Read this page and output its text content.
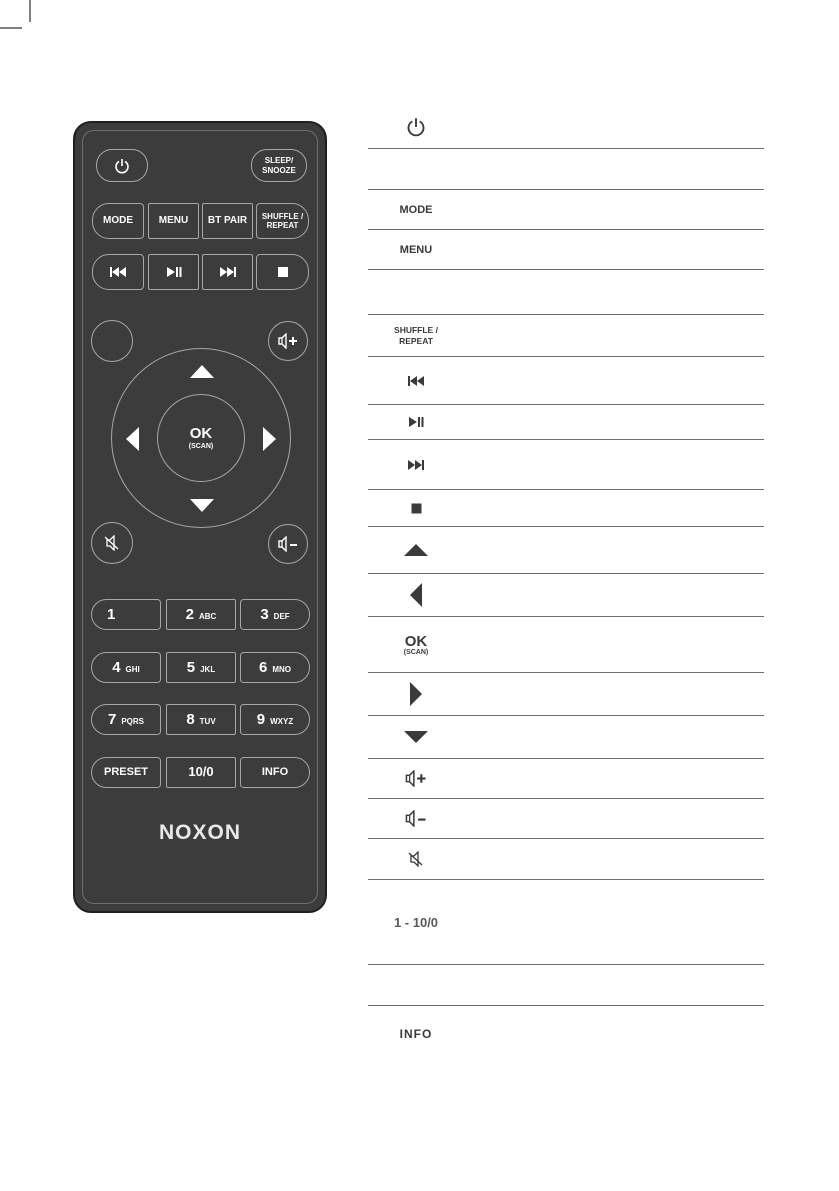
SLEEP/
SNOOZE
MODE	MENU	BT PAIR	SHUFFLE /
REPEAT
OK
(SCAN)
1	2 ABC	3 DEF
4 GHI	5 JKL	6 MNO
7 PQRS	8 TUV	9 WXYZ
PRESET	10/0	INFO
NOXON
MODE
MENU
SHUFFLE /
REPEAT
OK
(SCAN)
1 - 10/0
INFO
